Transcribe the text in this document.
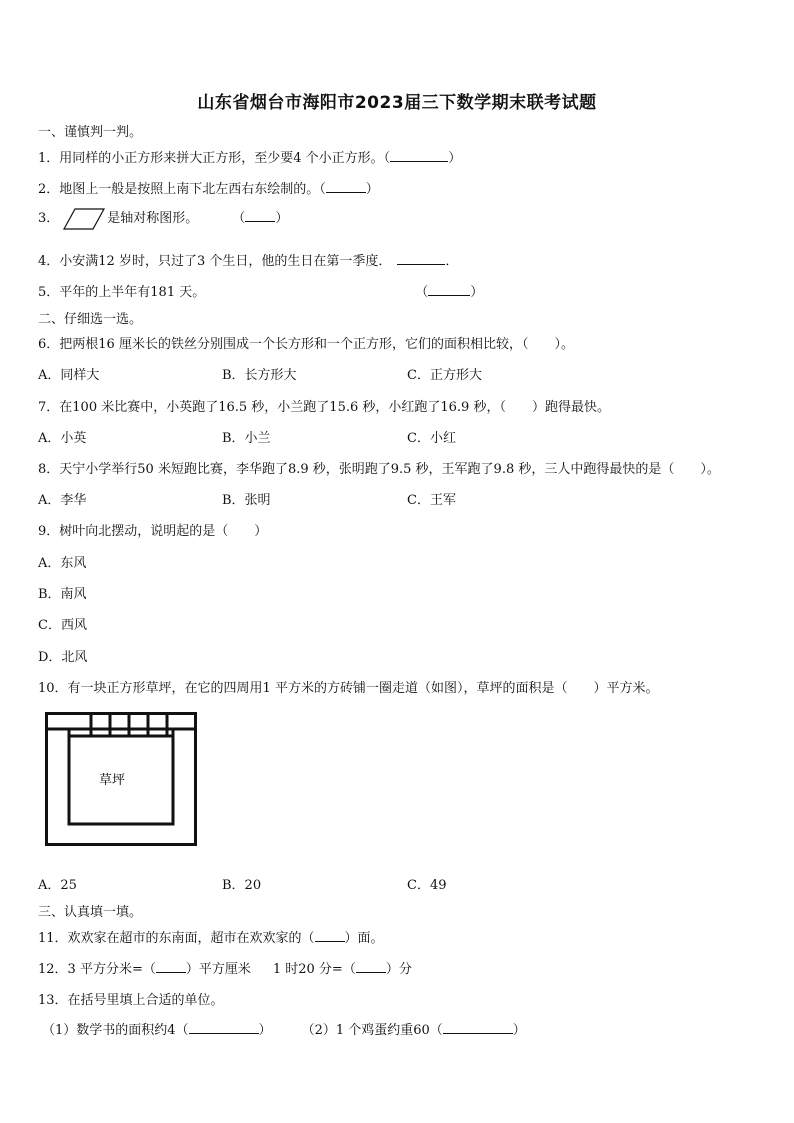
山东省烟台市海阳市2023届三下数学期末联考试题
一、谨慎判一判。
1．用同样的小正方形来拼大正方形，至少要4 个小正方形。（	）
2．地图上一般是按照上南下北左西右东绘制的。（	）
3．	是轴对称图形。	（ ）
4．小安满12 岁时，只过了3 个生日，他的生日在第一季度．	．
5．平年的上半年有181 天。	（	）
二、仔细选一选。
6．把两根16 厘米长的铁丝分别围成一个长方形和一个正方形，它们的面积相比较，（　　）。
A．同样大	B．长方形大	C．正方形大
7．在100 米比赛中，小英跑了16.5 秒，小兰跑了15.6 秒，小红跑了16.9 秒，（　　）跑得最快。
A．小英	B．小兰	C．小红
8．天宁小学举行50 米短跑比赛，李华跑了8.9 秒，张明跑了9.5 秒，王军跑了9.8 秒，三人中跑得最快的是（　　）。
A．李华	B．张明	C．王军
9．树叶向北摆动，说明起的是（　　）
A．东风
B．南风
C．西风
D．北风
10．有一块正方形草坪，在它的四周用1 平方米的方砖铺一圈走道（如图），草坪的面积是（　　）平方米。
草坪
A．25	B．20	C．49
三、认真填一填。
11．欢欢家在超市的东南面，超市在欢欢家的（ ）面。
12．3 平方分米=（ ）平方厘米 1 时20 分=（ ）分
13．在括号里填上合适的单位。
（1）数学书的面积约4（	） （2）1 个鸡蛋约重60（	）
